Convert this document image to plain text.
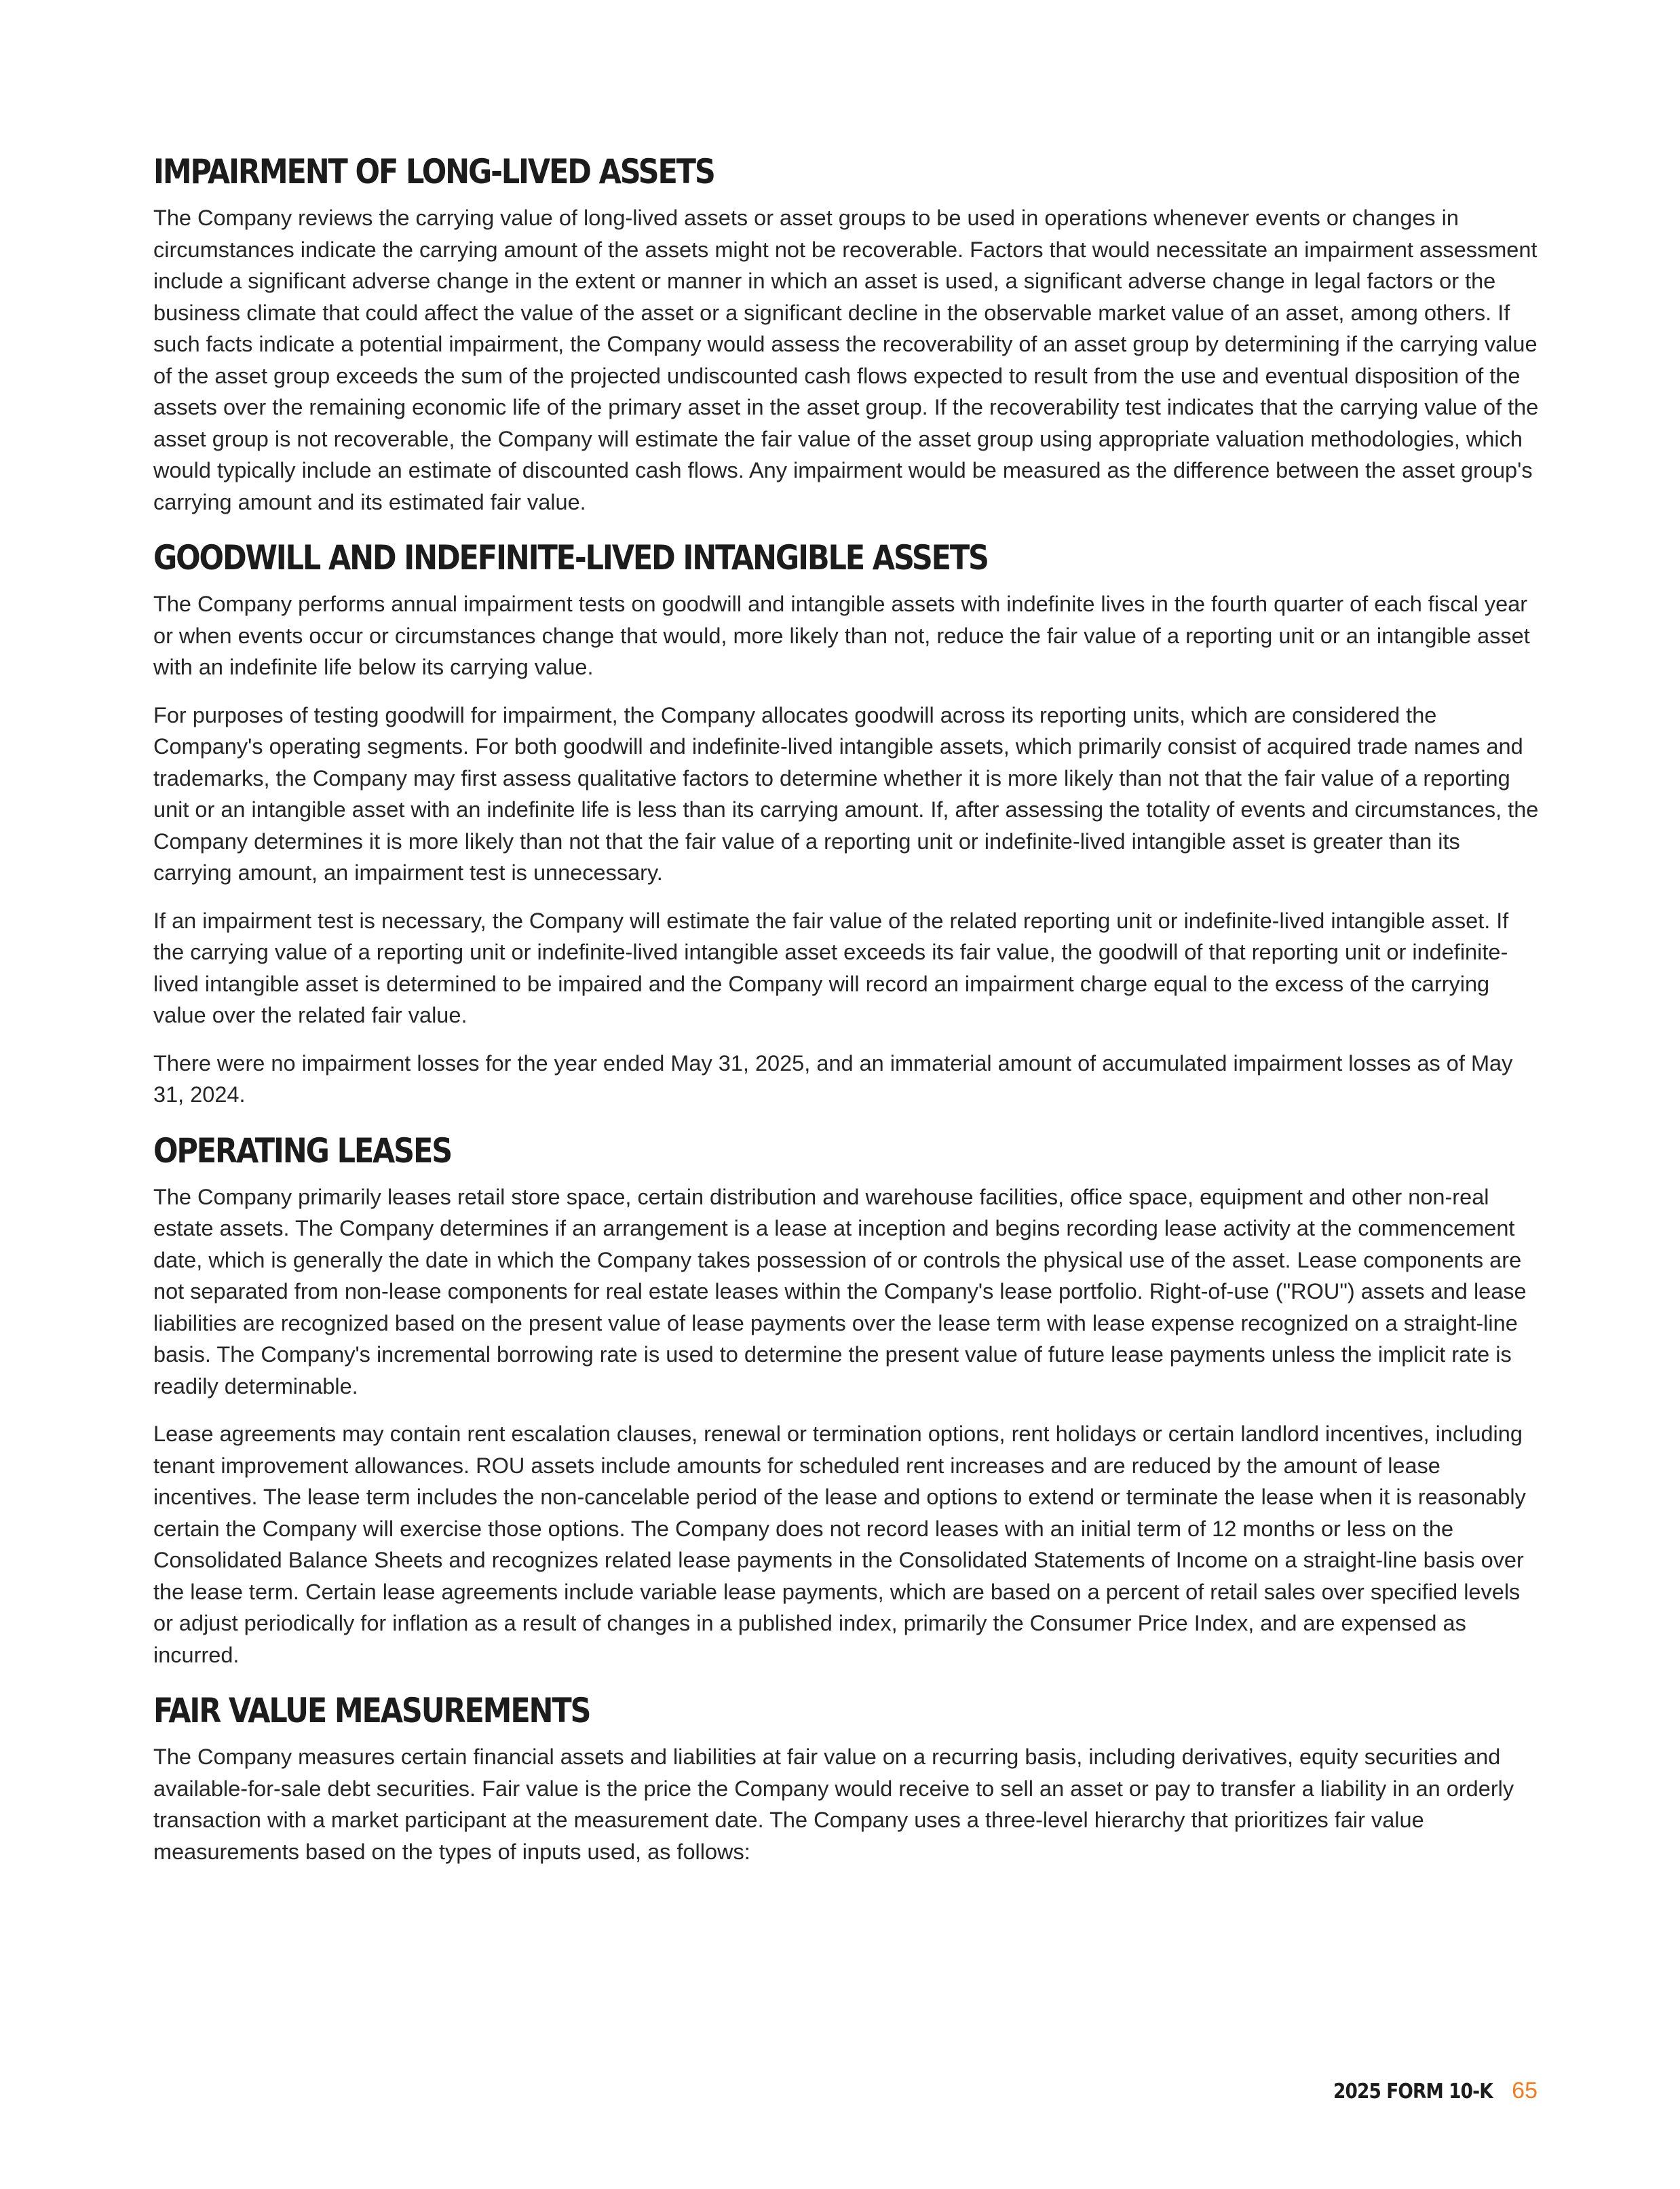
IMPAIRMENT OF LONG-LIVED ASSETS

The Company reviews the carrying value of long-lived assets or asset groups to be used in operations whenever events or changes in circumstances indicate the carrying amount of the assets might not be recoverable. Factors that would necessitate an impairment assessment include a significant adverse change in the extent or manner in which an asset is used, a significant adverse change in legal factors or the business climate that could affect the value of the asset or a significant decline in the observable market value of an asset, among others. If such facts indicate a potential impairment, the Company would assess the recoverability of an asset group by determining if the carrying value of the asset group exceeds the sum of the projected undiscounted cash flows expected to result from the use and eventual disposition of the assets over the remaining economic life of the primary asset in the asset group. If the recoverability test indicates that the carrying value of the asset group is not recoverable, the Company will estimate the fair value of the asset group using appropriate valuation methodologies, which would typically include an estimate of discounted cash flows. Any impairment would be measured as the difference between the asset group's carrying amount and its estimated fair value.

GOODWILL AND INDEFINITE-LIVED INTANGIBLE ASSETS

The Company performs annual impairment tests on goodwill and intangible assets with indefinite lives in the fourth quarter of each fiscal year or when events occur or circumstances change that would, more likely than not, reduce the fair value of a reporting unit or an intangible asset with an indefinite life below its carrying value.

For purposes of testing goodwill for impairment, the Company allocates goodwill across its reporting units, which are considered the Company's operating segments. For both goodwill and indefinite-lived intangible assets, which primarily consist of acquired trade names and trademarks, the Company may first assess qualitative factors to determine whether it is more likely than not that the fair value of a reporting unit or an intangible asset with an indefinite life is less than its carrying amount. If, after assessing the totality of events and circumstances, the Company determines it is more likely than not that the fair value of a reporting unit or indefinite-lived intangible asset is greater than its carrying amount, an impairment test is unnecessary.

If an impairment test is necessary, the Company will estimate the fair value of the related reporting unit or indefinite-lived intangible asset. If the carrying value of a reporting unit or indefinite-lived intangible asset exceeds its fair value, the goodwill of that reporting unit or indefinite-lived intangible asset is determined to be impaired and the Company will record an impairment charge equal to the excess of the carrying value over the related fair value.

There were no impairment losses for the year ended May 31, 2025, and an immaterial amount of accumulated impairment losses as of May 31, 2024.

OPERATING LEASES

The Company primarily leases retail store space, certain distribution and warehouse facilities, office space, equipment and other non-real estate assets. The Company determines if an arrangement is a lease at inception and begins recording lease activity at the commencement date, which is generally the date in which the Company takes possession of or controls the physical use of the asset. Lease components are not separated from non-lease components for real estate leases within the Company's lease portfolio. Right-of-use ("ROU") assets and lease liabilities are recognized based on the present value of lease payments over the lease term with lease expense recognized on a straight-line basis. The Company's incremental borrowing rate is used to determine the present value of future lease payments unless the implicit rate is readily determinable.

Lease agreements may contain rent escalation clauses, renewal or termination options, rent holidays or certain landlord incentives, including tenant improvement allowances. ROU assets include amounts for scheduled rent increases and are reduced by the amount of lease incentives. The lease term includes the non-cancelable period of the lease and options to extend or terminate the lease when it is reasonably certain the Company will exercise those options. The Company does not record leases with an initial term of 12 months or less on the Consolidated Balance Sheets and recognizes related lease payments in the Consolidated Statements of Income on a straight-line basis over the lease term. Certain lease agreements include variable lease payments, which are based on a percent of retail sales over specified levels or adjust periodically for inflation as a result of changes in a published index, primarily the Consumer Price Index, and are expensed as incurred.

FAIR VALUE MEASUREMENTS

The Company measures certain financial assets and liabilities at fair value on a recurring basis, including derivatives, equity securities and available-for-sale debt securities. Fair value is the price the Company would receive to sell an asset or pay to transfer a liability in an orderly transaction with a market participant at the measurement date. The Company uses a three-level hierarchy that prioritizes fair value measurements based on the types of inputs used, as follows:

2025 FORM 10-K 65
